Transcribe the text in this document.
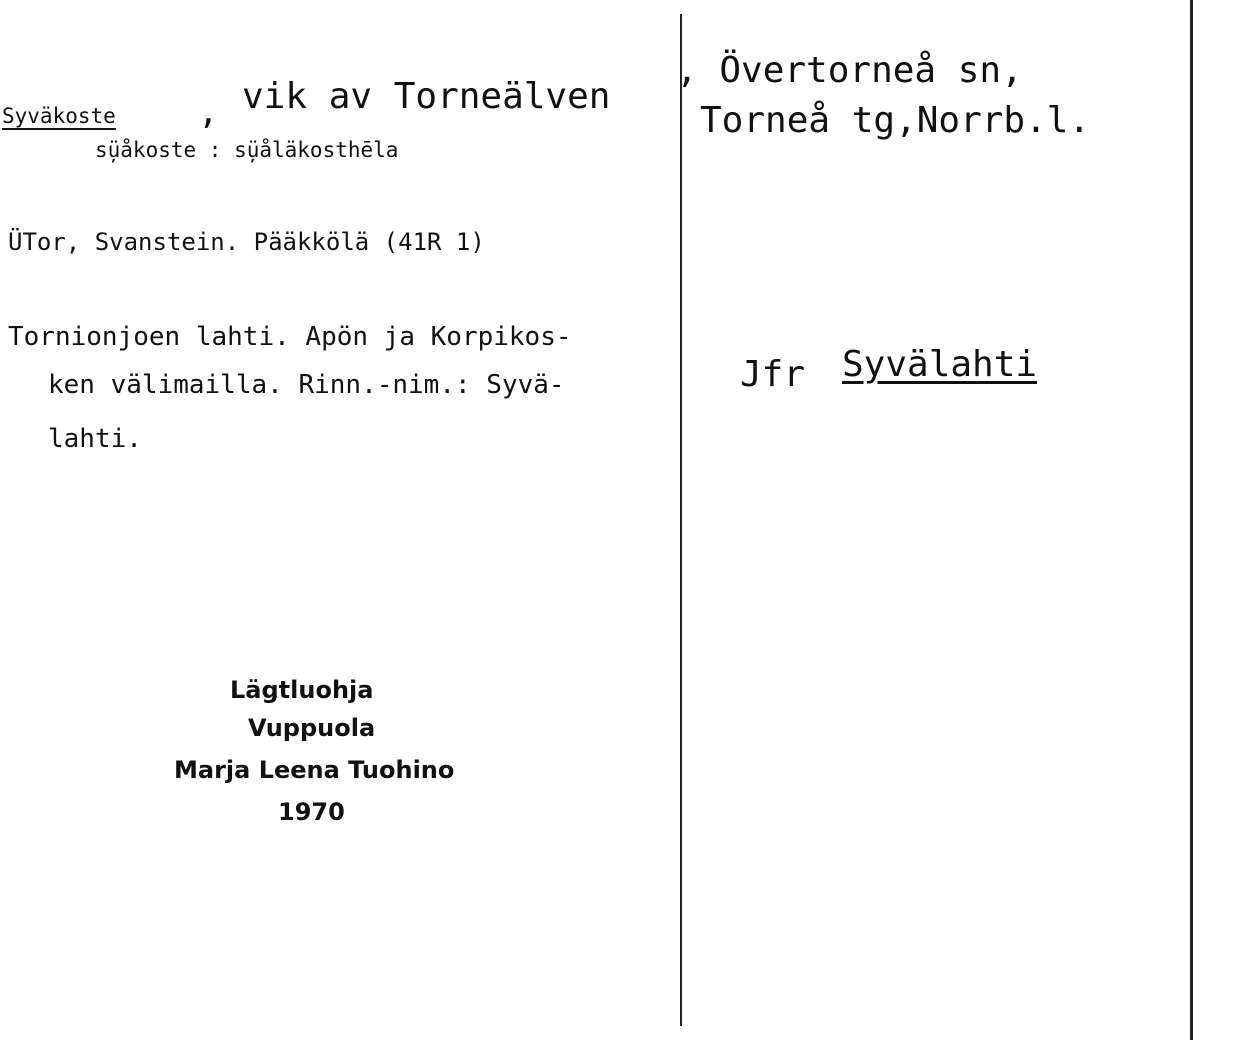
Syväkoste , vik av Torneälven
, Övertorneå sn,
Torneå tg,Norrb.l.
sü̦åkoste : sü̦åläkosthēla
ÜTor, Svanstein. Pääkkölä (41R 1)
Tornionjoen lahti. Apön ja Korpikos-
ken välimailla. Rinn.-nim.: Syvä-
lahti.
Jfr Syvälahti
Lägtluohja
Vuppuola
Marja Leena Tuohino
1970
